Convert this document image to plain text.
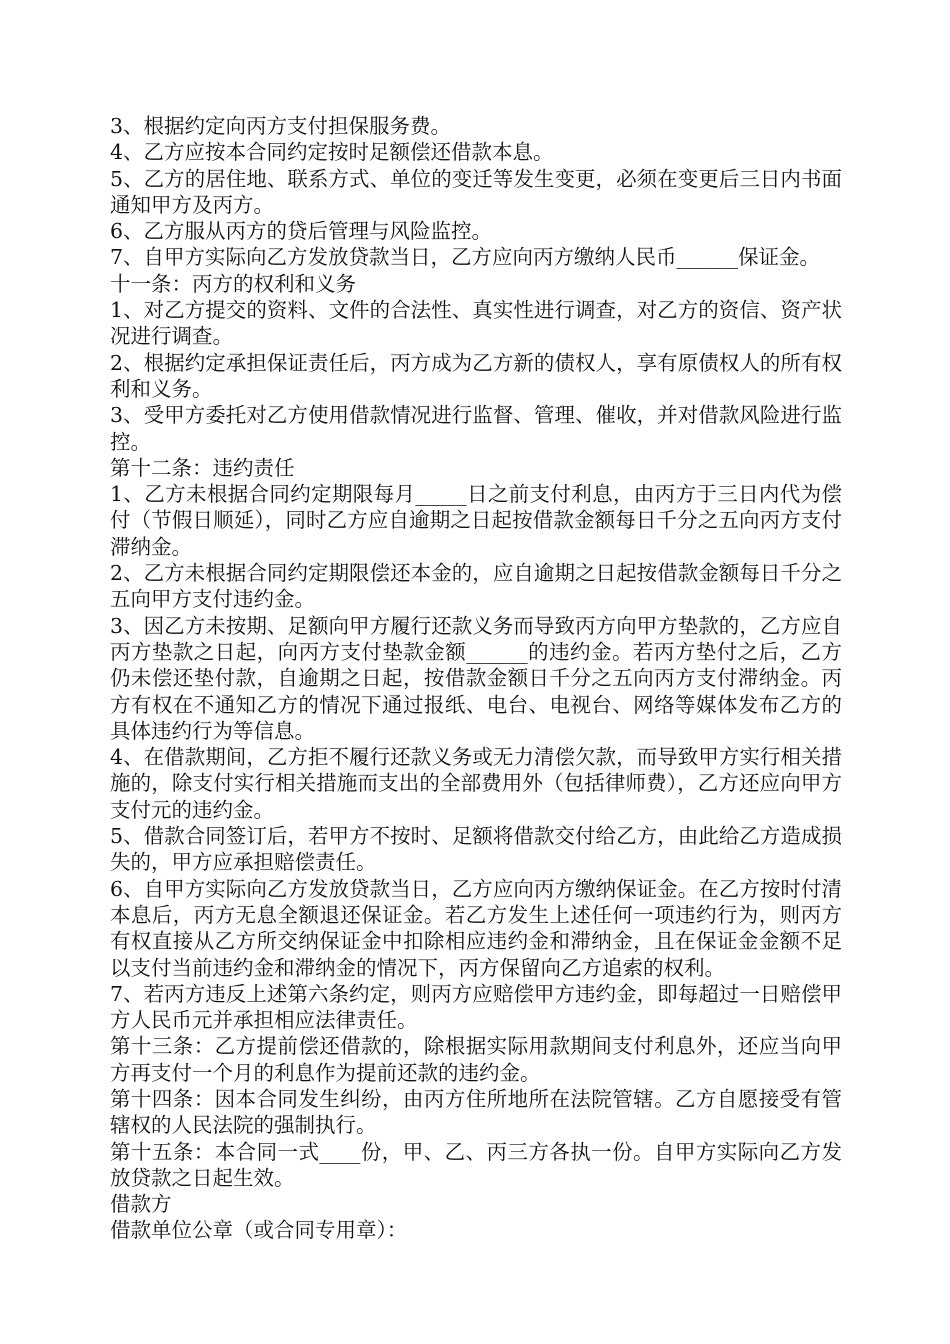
3、根据约定向丙方支付担保服务费。

4、乙方应按本合同约定按时足额偿还借款本息。

5、乙方的居住地、联系方式、单位的变迁等发生变更，必须在变更后三日内书面通知甲方及丙方。

6、乙方服从丙方的贷后管理与风险监控。

7、自甲方实际向乙方发放贷款当日，乙方应向丙方缴纳人民币______保证金。

十一条：丙方的权利和义务

1、对乙方提交的资料、文件的合法性、真实性进行调查，对乙方的资信、资产状况进行调查。

2、根据约定承担保证责任后，丙方成为乙方新的债权人，享有原债权人的所有权利和义务。

3、受甲方委托对乙方使用借款情况进行监督、管理、催收，并对借款风险进行监控。

第十二条：违约责任

1、乙方未根据合同约定期限每月_____日之前支付利息，由丙方于三日内代为偿付（节假日顺延），同时乙方应自逾期之日起按借款金额每日千分之五向丙方支付滞纳金。

2、乙方未根据合同约定期限偿还本金的，应自逾期之日起按借款金额每日千分之五向甲方支付违约金。

3、因乙方未按期、足额向甲方履行还款义务而导致丙方向甲方垫款的，乙方应自丙方垫款之日起，向丙方支付垫款金额______的违约金。若丙方垫付之后，乙方仍未偿还垫付款，自逾期之日起，按借款金额日千分之五向丙方支付滞纳金。丙方有权在不通知乙方的情况下通过报纸、电台、电视台、网络等媒体发布乙方的具体违约行为等信息。

4、在借款期间，乙方拒不履行还款义务或无力清偿欠款，而导致甲方实行相关措施的，除支付实行相关措施而支出的全部费用外（包括律师费），乙方还应向甲方支付元的违约金。

5、借款合同签订后，若甲方不按时、足额将借款交付给乙方，由此给乙方造成损失的，甲方应承担赔偿责任。

6、自甲方实际向乙方发放贷款当日，乙方应向丙方缴纳保证金。在乙方按时付清本息后，丙方无息全额退还保证金。若乙方发生上述任何一项违约行为，则丙方有权直接从乙方所交纳保证金中扣除相应违约金和滞纳金，且在保证金金额不足以支付当前违约金和滞纳金的情况下，丙方保留向乙方追索的权利。

7、若丙方违反上述第六条约定，则丙方应赔偿甲方违约金，即每超过一日赔偿甲方人民币元并承担相应法律责任。

第十三条：乙方提前偿还借款的，除根据实际用款期间支付利息外，还应当向甲方再支付一个月的利息作为提前还款的违约金。

第十四条：因本合同发生纠纷，由丙方住所地所在法院管辖。乙方自愿接受有管辖权的人民法院的强制执行。

第十五条：本合同一式____份，甲、乙、丙三方各执一份。自甲方实际向乙方发放贷款之日起生效。

借款方

借款单位公章（或合同专用章）：
